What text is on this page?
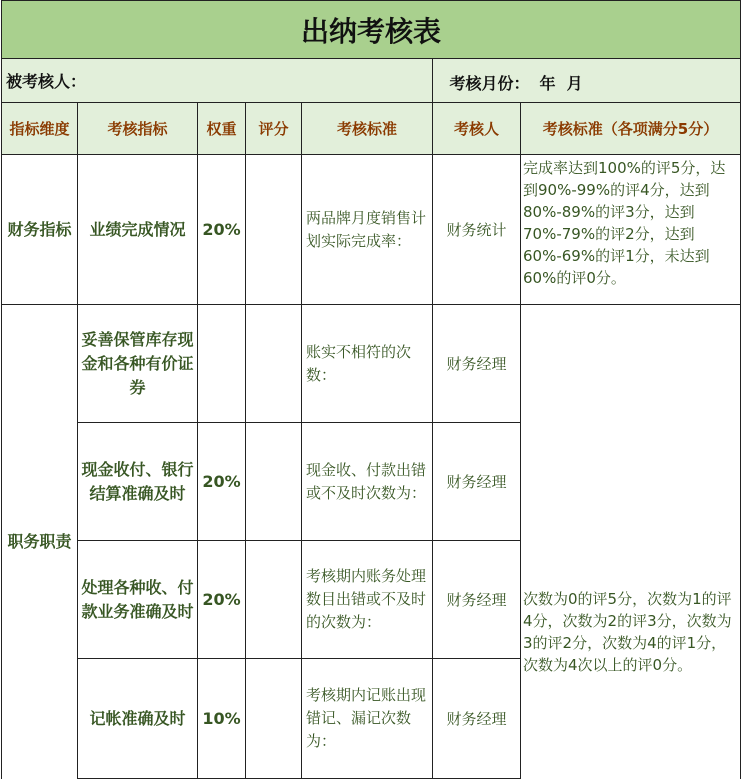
出纳考核表						
被考核人： 考核月份： 年  月						

指标维度	考核指标	权重	评分	考核标准	考核人	考核标准（各项满分5分）
财务指标	业绩完成情况	20%		两品牌月度销售计划实际完成率：	财务统计	完成率达到100%的评5分，达到90%-99%的评4分，达到80%-89%的评3分，达到70%-79%的评2分，达到60%-69%的评1分，未达到60%的评0分。
职务职责	妥善保管库存现金和各种有价证券			账实不相符的次数：	财务经理	次数为0的评5分，次数为1的评4分，次数为2的评3分，次数为3的评2分，次数为4的评1分，次数为4次以上的评0分。

	现金收付、银行结算准确及时	20%		现金收、付款出错或不及时次数为：	财务经理	
	处理各种收、付款业务准确及时	20%		考核期内账务处理数目出错或不及时的次数为：	财务经理	
	记帐准确及时	10%		考核期内记账出现错记、漏记次数为：	财务经理	
